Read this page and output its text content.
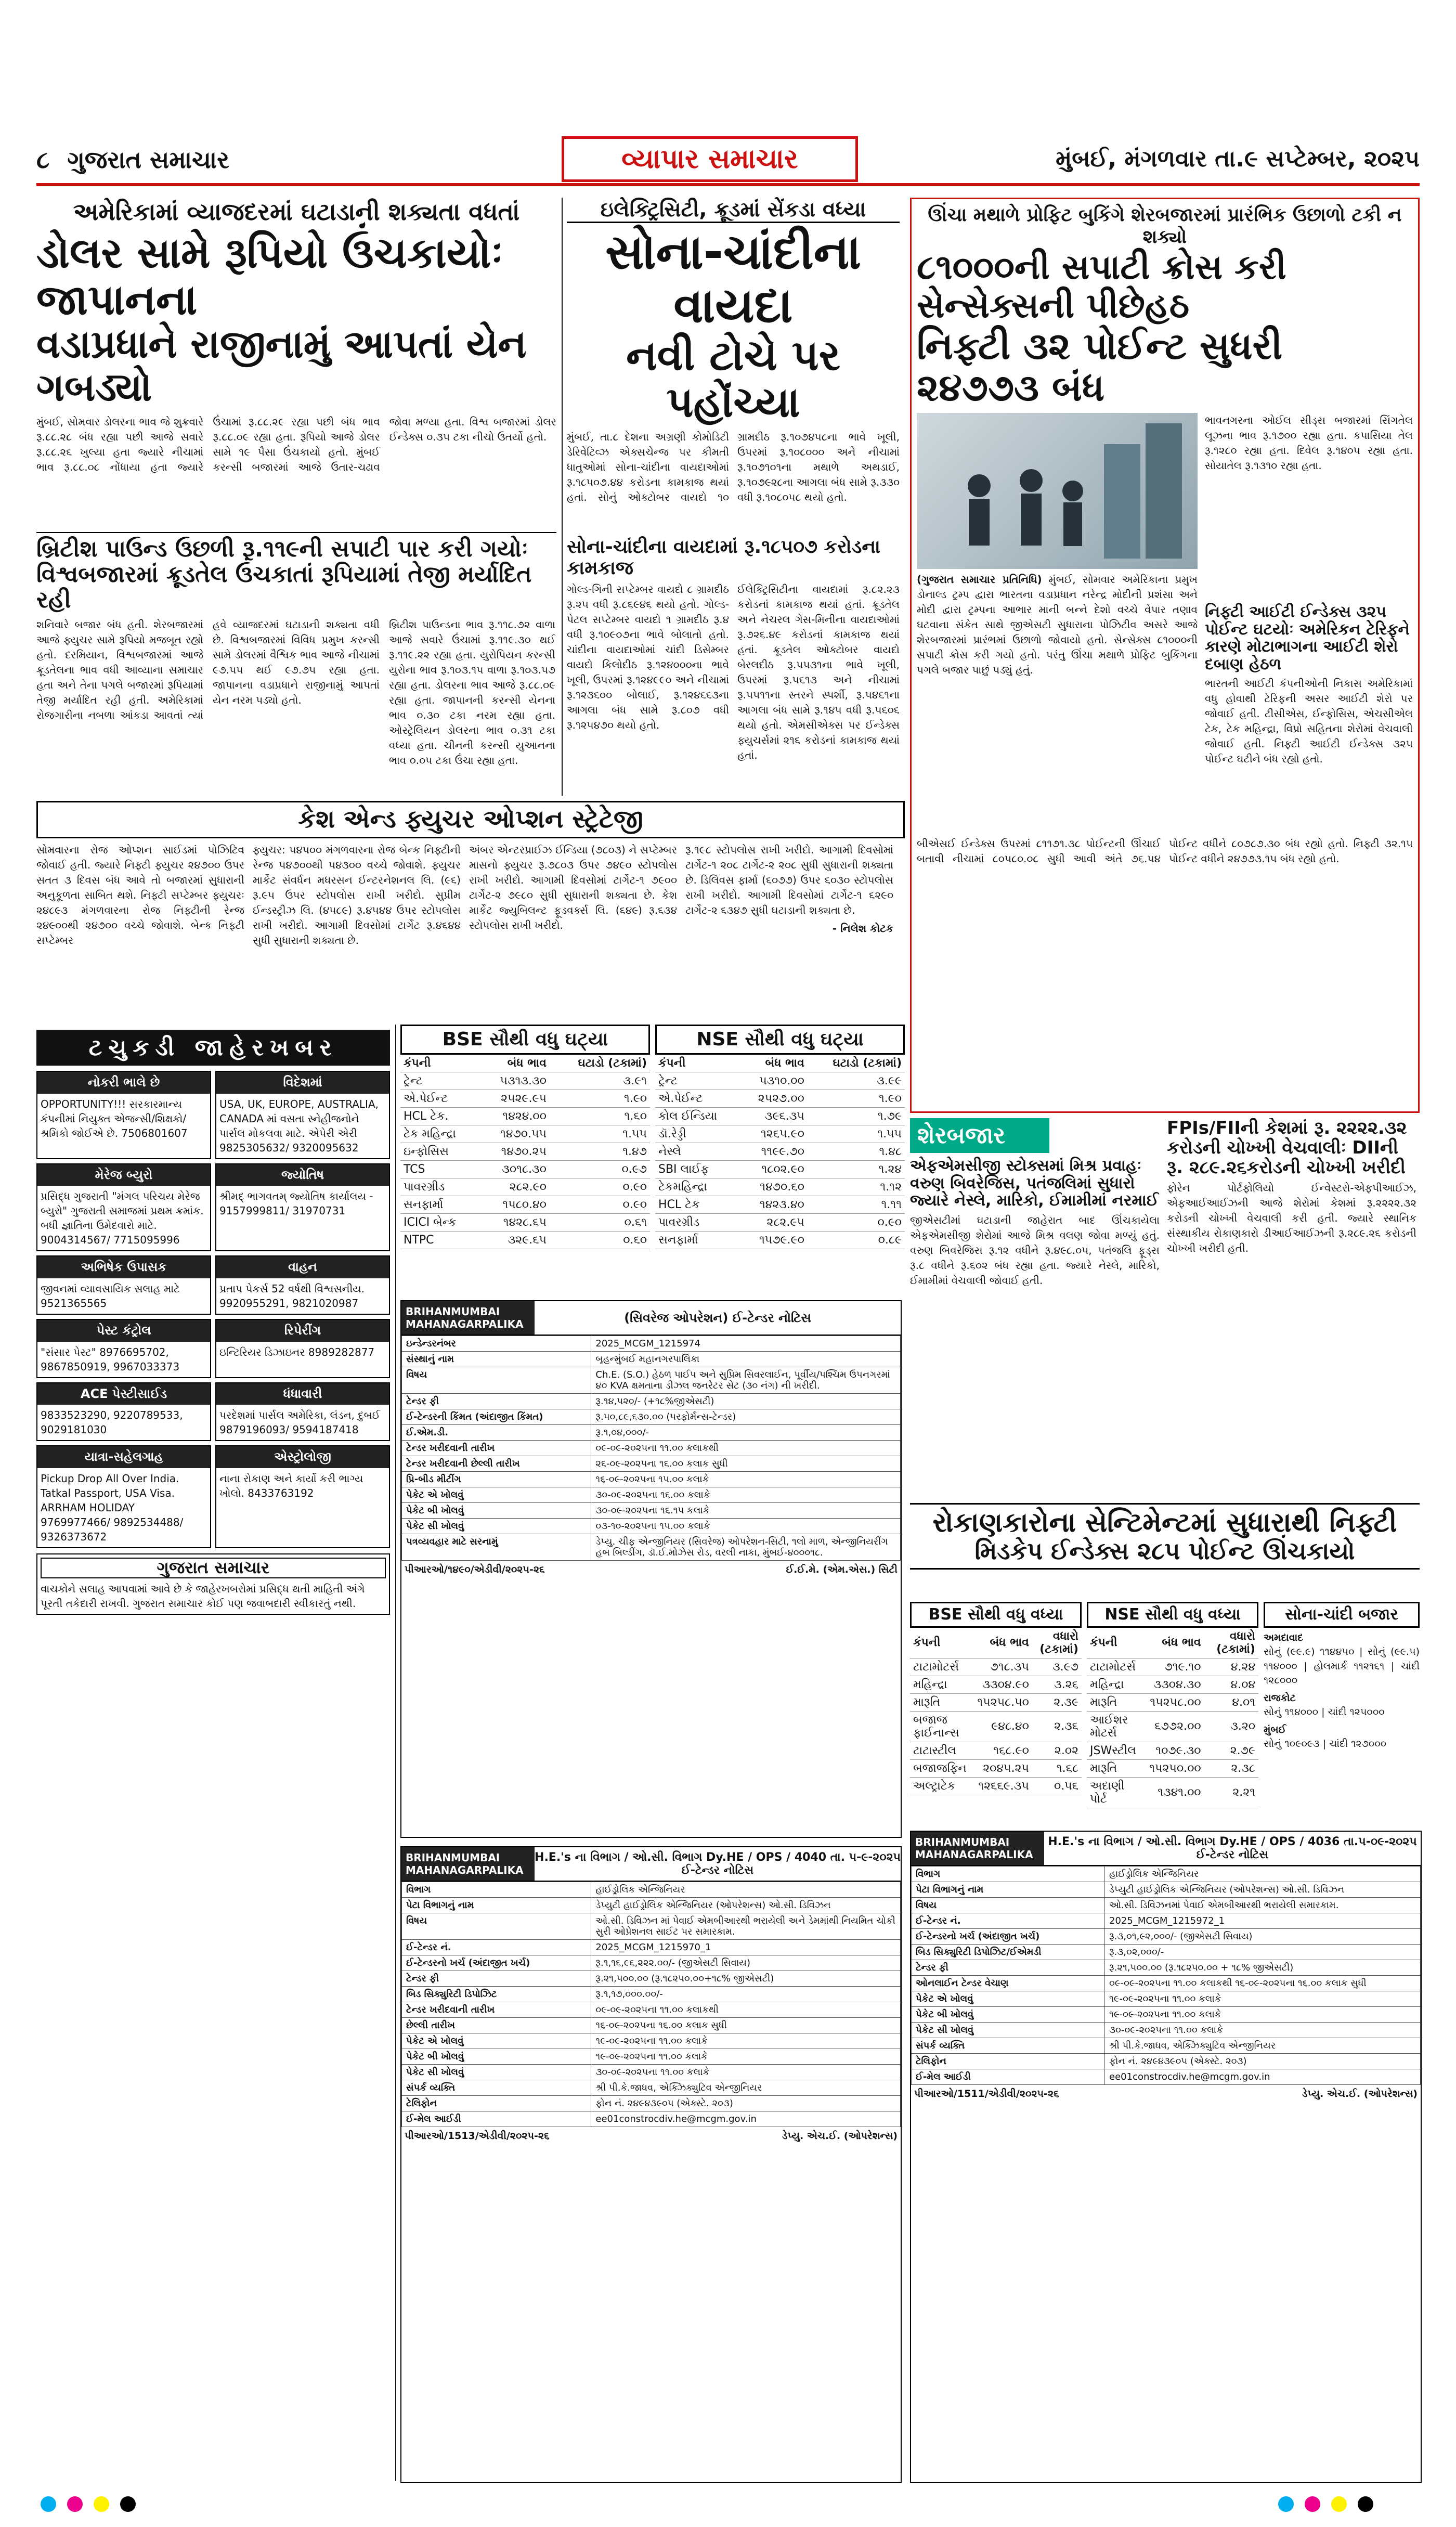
૮ ગુજરાત સમાચાર	વ્યાપાર સમાચાર	મુંબઈ, મંગળવાર તા.૯ સપ્ટેમ્બર, ૨૦૨૫
અમેરિકામાં વ્યાજદરમાં ઘટાડાની શક્યતા વધતાં
ડોલર સામે રૂપિયો ઉંચકાયોઃ જાપાનના
વડાપ્રધાને રાજીનામું આપતાં યેન ગબડ્યો
મુંબઈ, સોમવાર ડોલરના ભાવ જે શુક્રવારે રૂ.૮૮.૨૮ બંધ રહ્યા પછી આજે સવારે રૂ.૮૮.૨૬ ખુલ્યા હતા જ્યારે નીચામાં ભાવ રૂ.૮૮.૦૮ નોંધાયા હતા જ્યારે ઉંચામાં રૂ.૮૮.૨૯ રહ્યા પછી બંધ ભાવ રૂ.૮૮.૦૯ રહ્યા હતા. રૂપિયો આજે ડોલર સામે ૧૯ પૈસા ઉંચકાયો હતો. મુંબઈ કરન્સી બજારમાં આજે ઉતાર-ચઢાવ જોવા મળ્યા હતા. વિશ્વ બજારમાં ડોલર ઈન્ડેક્સ ૦.૩૫ ટકા નીચો ઉતર્યો હતો.
બ્રિટીશ પાઉન્ડ ઉછળી રૂ.૧૧૯ની સપાટી પાર કરી ગયોઃ વિશ્વબજારમાં ક્રૂડતેલ ઉંચકાતાં રૂપિયામાં તેજી મર્યાદિત રહી
શનિવારે બજાર બંધ હતી. શેરબજારમાં આજે ફ્યુચર સામે રૂપિયો મજબૂત રહ્યો હતો. દરમિયાન, વિશ્વબજારમાં આજે ક્રૂડતેલના ભાવ વધી આવ્યાના સમાચાર હતા અને તેના પગલે બજારમાં રૂપિયામાં તેજી મર્યાદિત રહી હતી. અમેરિકામાં રોજગારીના નબળા આંકડા આવતાં ત્યાં હવે વ્યાજદરમાં ઘટાડાની શક્યતા વધી છે. વિશ્વબજારમાં વિવિધ પ્રમુખ કરન્સી સામે ડોલરમાં વૈશ્વિક ભાવ આજે નીચામાં ૯૭.૫૫ થઈ ૯૭.૭૫ રહ્યા હતા. જાપાનના વડાપ્રધાને રાજીનામું આપતાં યેન નરમ પડ્યો હતો.
બ્રિટીશ પાઉન્ડના ભાવ રૂ.૧૧૮.૭૨ વાળા આજે સવારે ઉંચામાં રૂ.૧૧૯.૩૦ થઈ રૂ.૧૧૯.૨૨ રહ્યા હતા. યુરોપિયન કરન્સી યુરોના ભાવ રૂ.૧૦૩.૧૫ વાળા રૂ.૧૦૩.૫૭ રહ્યા હતા. ડોલરના ભાવ આજે રૂ.૮૮.૦૯ રહ્યા હતા. જાપાનની કરન્સી યેનના ભાવ ૦.૩૦ ટકા નરમ રહ્યા હતા. ઓસ્ટ્રેલિયન ડોલરના ભાવ ૦.૩૧ ટકા વધ્યા હતા. ચીનની કરન્સી યુઆનના ભાવ ૦.૦૫ ટકા ઉંચા રહ્યા હતા.
ઇલેક્ટ્રિસિટી, ક્રૂડમાં સેંકડા વધ્યા
સોના-ચાંદીના વાયદા
નવી ટોચે પર પહોંચ્યા
મુંબઈ, તા.૮ દેશના અગ્રણી કોમોડિટી ડેરિવેટિવ્ઝ એક્સચેન્જ પર કીમતી ધાતુઓમાં સોના-ચાંદીના વાયદાઓમાં રૂ.૧૮૫૦૭.૪૪ કરોડના કામકાજ થયાં હતાં. સોનું ઓક્ટોબર વાયદો ૧૦ ગ્રામદીઠ રૂ.૧૦૭૪૫૮ના ભાવે ખૂલી, ઉપરમાં રૂ.૧૦૮૦૦૦ અને નીચામાં રૂ.૧૦૭૧૦૧ના મથાળે અથડાઈ, રૂ.૧૦૭૯૨૮ના આગલા બંધ સામે રૂ.૩૩૦ વધી રૂ.૧૦૮૦૫૮ થયો હતો.
સોના-ચાંદીના વાયદામાં રૂ.૧૮૫૦૭ કરોડના કામકાજ

ગોલ્ડ-ગિની સપ્ટેમ્બર વાયદો ૮ ગ્રામદીઠ રૂ.૨૫ વધી રૂ.૮૬૯૪૬ થયો હતો. ગોલ્ડ-પેટલ સપ્ટેમ્બર વાયદો ૧ ગ્રામદીઠ રૂ.૪ વધી રૂ.૧૦૯૦૭ના ભાવે બોલાતો હતો. ચાંદીના વાયદાઓમાં ચાંદી ડિસેમ્બર વાયદો કિલોદીઠ રૂ.૧૨૪૦૦૦ના ભાવે ખૂલી, ઉપરમાં રૂ.૧૨૪૯૯૦ અને નીચામાં રૂ.૧૨૩૬૦૦ બોલાઈ, રૂ.૧૨૪૬૬૩ના આગલા બંધ સામે રૂ.૮૦૭ વધી રૂ.૧૨૫૪૭૦ થયો હતો.

ઈલેક્ટ્રિસિટીના વાયદામાં રૂ.૮૨.૨૩ કરોડનાં કામકાજ થયાં હતાં. ક્રૂડતેલ અને નેચરલ ગેસ-મિનીના વાયદાઓમાં રૂ.૭૨૬.૪૯ કરોડનાં કામકાજ થયાં હતાં. ક્રૂડતેલ ઓક્ટોબર વાયદો બેરલદીઠ રૂ.૫૫૩૧ના ભાવે ખૂલી, ઉપરમાં રૂ.૫૬૧૩ અને નીચામાં રૂ.૫૫૧૧ના સ્તરને સ્પર્શી, રૂ.૫૪૬૧ના આગલા બંધ સામે રૂ.૧૪૫ વધી રૂ.૫૬૦૬ થયો હતો. એમસીએક્સ પર ઈન્ડેક્સ ફ્યુચર્સમાં ૨૧૬ કરોડનાં કામકાજ થયાં હતાં.

કેશ એન્ડ ફ્યુચર ઓપ્શન સ્ટ્રેટેજી
સોમવારના રોજ ઓપ્શન સાઈડમાં પોઝિટિવ જોવાઈ હતી. જ્યારે નિફ્ટી ફ્યુચર ૨૪૭૦૦ ઉપર સતત ૩ દિવસ બંધ આવે તો બજારમાં સુધારાની અનુકૂળતા સાબિત થશે. નિફ્ટી સપ્ટેમ્બર ફ્યુચરઃ ૨૪૮૯૩ મંગળવારના રોજ નિફ્ટીની રેન્જ ૨૪૯૦૦થી ૨૪૭૦૦ વચ્ચે જોવાશે. બેન્ક નિફ્ટી સપ્ટેમ્બર
ફ્યુચર: ૫૪૫૦૦ મંગળવારના રોજ બેન્ક નિફ્ટીની રેન્જ ૫૪૭૦૦થી ૫૪૩૦૦ વચ્ચે જોવાશે. ફ્યુચર માર્કેટ સંવર્ધન મધરસન ઈન્ટરનેશનલ લિ. (૯૬) રૂ.૯૫ ઉપર સ્ટોપલોસ રાખી ખરીદો. સુપ્રીમ ઈન્ડસ્ટ્રીઝ લિ. (૪૫૮૯) રૂ.૪૫૪૪ ઉપર સ્ટોપલોસ રાખી ખરીદો. આગામી દિવસોમાં ટાર્ગેટ રૂ.૪૬૪૪ સુધી સુધારાની શક્યતા છે.
અંબર એન્ટરપ્રાઈઝ ઈન્ડિયા (૭૮૦૩) ને સપ્ટેમ્બર માસનો ફ્યુચર રૂ.૭૮૦૩ ઉપર ૭૪૯૦ સ્ટોપલોસ રાખી ખરીદો. આગામી દિવસોમાં ટાર્ગેટ-૧ ૭૯૦૦ ટાર્ગેટ-૨ ૭૯૮૦ સુધી સુધારાની શક્યતા છે. કેશ માર્કેટ જ્યુબિલન્ટ ફૂડવર્ક્સ લિ. (૬૪૯) રૂ.૬૩૪ સ્ટોપલોસ રાખી ખરીદો.
રૂ.૧૯૮ સ્ટોપલોસ રાખી ખરીદો. આગામી દિવસોમાં ટાર્ગેટ-૧ ૨૦૮ ટાર્ગેટ-૨ ૨૦૮ સુધી સુધારાની શક્યતા છે. ડિલિવસ ફાર્મા (૬૦૭૭) ઉપર ૬૦૩૦ સ્ટોપલોસ રાખી ખરીદો. આગામી દિવસોમાં ટાર્ગેટ-૧ ૬૨૯૦ ટાર્ગેટ-૨ ૬૩૪૭ સુધી ઘટાડાની શક્યતા છે.
- નિલેશ કોટક
BSE સૌથી વધુ ઘટ્યા
કંપની	બંધ ભાવ	ઘટાડો (ટકામાં)
ટ્રેન્ટ	૫૩૧૩.૩૦	૩.૯૧
એ.પેઈન્ટ	૨૫૨૯.૯૫	૧.૯૦
HCL ટેક.	૧૪૨૪.૦૦	૧.૬૦
ટેક મહિન્દ્રા	૧૪૭૦.૫૫	૧.૫૫
ઇન્ફોસિસ	૧૪૭૦.૨૫	૧.૪૭
TCS	૩૦૧૮.૩૦	૦.૯૭
પાવરગ્રીડ	૨૮૨.૯૦	૦.૯૦
સનફાર્મા	૧૫૮૦.૪૦	૦.૯૦
ICICI બેન્ક	૧૪૨૮.૬૫	૦.૬૧
NTPC	૩૨૯.૬૫	૦.૬૦
NSE સૌથી વધુ ઘટ્યા
કંપની	બંધ ભાવ	ઘટાડો (ટકામાં)
ટ્રેન્ટ	૫૩૧૦.૦૦	૩.૯૯
એ.પેઈન્ટ	૨૫૨૭.૦૦	૧.૯૦
કોલ ઈન્ડિયા	૩૯૬.૩૫	૧.૭૯
ડૉ.રેડ્ડી	૧૨૬૫.૯૦	૧.૫૫
નેસ્લે	૧૧૯૯.૭૦	૧.૪૮
SBI લાઈફ	૧૮૦૨.૯૦	૧.૨૪
ટેકમહિન્દ્રા	૧૪૭૦.૬૦	૧.૧૨
HCL ટેક	૧૪૨૩.૪૦	૧.૧૧
પાવરગ્રીડ	૨૮૨.૯૫	૦.૯૦
સનફાર્મા	૧૫૭૯.૯૦	૦.૮૯
ટચુકડી જાહેરખબર
નોકરી ભાલે છે
OPPORTUNITY!!! સરકારમાન્ય કંપનીમાં નિયુક્ત એજન્સી/શિક્ષકો/શ્રમિકો જોઈએ છે. 7506801607
વિદેશમાં
USA, UK, EUROPE, AUSTRALIA, CANADA માં વસતા સ્નેહીજનોને પાર્સલ મોકલવા માટે. એપેરી એરી 9825305632/ 9320095632
મેરેજ બ્યુરો
પ્રસિદ્ધ ગુજરાતી "મંગલ પરિચય મેરેજ બ્યુરો" ગુજરાતી સમાજમાં પ્રથમ ક્રમાંક. બધી જ્ઞાતિના ઉમેદવારો માટે. 9004314567/ 7715095996
જ્યોતિષ
શ્રીમદ્ ભાગવતમ્ જ્યોતિષ કાર્યાલય - 9157999811/ 31970731
અભિષેક ઉપાસક
જીવનમાં વ્યાવસાયિક સલાહ માટે 9521365565
વાહન
પ્રતાપ પેકર્સ 52 વર્ષથી વિશ્વસનીય. 9920955291, 9821020987
પેસ્ટ કંટ્રોલ
"સંસાર પેસ્ટ" 8976695702, 9867850919, 9967033373
રિપેરીંગ
ઇન્ટિરિયર ડિઝાઇનર 8989282877
ACE પેસ્ટીસાઈડ
9833523290, 9220789533, 9029181030
ધંધાવારી
પરદેશમાં પાર્સલ અમેરિકા, લંડન, દુબઈ 9879196093/ 9594187418
યાત્રા-સહેલગાહ
Pickup Drop All Over India. Tatkal Passport, USA Visa. ARRHAM HOLIDAY 9769977466/ 9892534488/ 9326373672
એસ્ટ્રોલોજી
નાના રોકાણ અને કાર્યો કરી ભાગ્ય ખોલો. 8433763192
ગુજરાત સમાચાર
વાચકોને સલાહ આપવામાં આવે છે કે જાહેરખબરોમાં પ્રસિદ્ધ થતી માહિતી અંગે પૂરતી તકેદારી રાખવી. ગુજરાત સમાચાર કોઈ પણ જવાબદારી સ્વીકારતું નથી.
BRIHANMUMBAI MAHANAGARPALIKA	(સિવરેજ ઓપરેશન) ઈ-ટેન્ડર નોટિસ
ઇન્ડેન્ડરનંબર	2025_MCGM_1215974
સંસ્થાનું નામ	બૃહન્મુંબઈ મહાનગરપાલિકા
વિષય	Ch.E. (S.O.) હેઠળ પાઈપ અને સુપ્રિમ સિવરલાઈન, પૂર્વીય/પશ્ચિમ ઉપનગરમાં ૪૦ KVA ક્ષમતાના ડીઝલ જનરેટર સેટ (૩૦ નંગ) ની ખરીદી.
ટેન્ડર ફી	રૂ.૧૪,૫૨૦/- (+૧૮%જીએસટી)
ઈ-ટેન્ડરની કિંમત (અંદાજીત કિંમત)	રૂ.૫૦,૮૯,૬૩૦.૦૦ (પરફોર્મન્સ-ટેન્ડર)
ઈ.એમ.ડી.	રૂ.૧,૦૪,૦૦૦/-
ટેન્ડર ખરીદવાની તારીખ	૦૯-૦૯-૨૦૨૫ના ૧૧.૦૦ કલાકથી
ટેન્ડર ખરીદવાની છેલ્લી તારીખ	૨૬-૦૯-૨૦૨૫ના ૧૬.૦૦ કલાક સુધી
પ્રિ-બીડ મીટીંગ	૧૬-૦૯-૨૦૨૫ના ૧૫.૦૦ કલાકે
પેકેટ એ ખોલવું	૩૦-૦૯-૨૦૨૫ના ૧૬.૦૦ કલાકે
પેકેટ બી ખોલવું	૩૦-૦૯-૨૦૨૫ના ૧૬.૧૫ કલાકે
પેકેટ સી ખોલવું	૦૩-૧૦-૨૦૨૫ના ૧૫.૦૦ કલાકે
પત્રવ્યવહાર માટે સરનામું	ડેપ્યુ. ચીફ એન્જીનિયર (સિવરેજ) ઓપરેશન-સિટી, ૧લો માળ, એન્જીનિયરીંગ હબ બિલ્ડીંગ, ડૉ.ઈ.મોઝેસ રોડ, વરલી નાકા, મુંબઈ-૪૦૦૦૧૮.
પીઆરઓ/૧૪૯૦/એડીવી/૨૦૨૫-૨૬	ઈ.ઈ.મે. (એમ.એસ.) સિટી
BRIHANMUMBAI MAHANAGARPALIKA
H.E.'s ના વિભાગ / ઓ.સી. વિભાગ Dy.HE / OPS / 4040 તા. ૫-૯-૨૦૨૫ ઈ-ટેન્ડર નોટિસ
વિભાગ	હાઈડ્રોલિક એન્જિનિયર
પેટા વિભાગનું નામ	ડેપ્યુટી હાઈડ્રોલિક એન્જિનિયર (ઓપરેશન્સ) ઓ.સી. ડિવિઝન
વિષય	ઓ.સી. ડિવિઝન માં પેવાઈ એમબીઆરથી ભરાયેલી અને ડેમમાંથી નિયમિત ચોકી સુરી ઓપ્રેશનલ સાઈટ પર સમારકામ.
ઈ-ટેન્ડર નં.	2025_MCGM_1215970_1
ઈ-ટેન્ડરનો ખર્ચ (અંદાજીત ખર્ચ)	રૂ.૧,૧૬,૯૬,૨૨૨.૦૦/- (જીએસટી સિવાય)
ટેન્ડર ફી	રૂ.૨૧,૫૦૦.૦૦ (રૂ.૧૮૨૫૦.૦૦+૧૮% જીએસટી)
બિડ સિક્યુરિટી ડિપોઝિટ	રૂ.૧,૧૭,૦૦૦.૦૦/-
ટેન્ડર ખરીદવાની તારીખ	૦૯-૦૯-૨૦૨૫ના ૧૧.૦૦ કલાકથી
છેલ્લી તારીખ	૧૬-૦૯-૨૦૨૫ના ૧૬.૦૦ કલાક સુધી
પેકેટ એ ખોલવું	૧૯-૦૯-૨૦૨૫ના ૧૧.૦૦ કલાકે
પેકેટ બી ખોલવું	૧૯-૦૯-૨૦૨૫ના ૧૧.૦૦ કલાકે
પેકેટ સી ખોલવું	૩૦-૦૯-૨૦૨૫ના ૧૧.૦૦ કલાકે
સંપર્ક વ્યક્તિ	શ્રી પી.કે.જાધવ, એક્ઝિક્યુટિવ એન્જીનિયર
ટેલિફોન	ફોન નં. ૨૪૯૪૩૯૦૫ (એક્સ્ટે. ૨૦૩)
ઈ-મેલ આઈડી	ee01constrocdiv.he@mcgm.gov.in
પીઆરઓ/1513/એડીવી/૨૦૨૫-૨૬	ડેપ્યુ. એચ.ઈ. (ઓપરેશન્સ)
ઊંચા મથાળે પ્રોફિટ બુકિંગે શેરબજારમાં પ્રારંભિક ઉછાળો ટકી ન શક્યો
૮૧૦૦૦ની સપાટી ક્રોસ કરી સેન્સેક્સની પીછેહઠ
નિફ્ટી ૩૨ પોઈન્ટ સુધરી ૨૪૭૭૩ બંધ
(ગુજરાત સમાચાર પ્રતિનિધિ) મુંબઈ, સોમવાર અમેરિકાના પ્રમુખ ડોનાલ્ડ ટ્રમ્પ દ્વારા ભારતના વડાપ્રધાન નરેન્દ્ર મોદીની પ્રશંસા અને મોદી દ્વારા ટ્રમ્પના આભાર માની બન્ને દેશો વચ્ચે વેપાર તણાવ ઘટવાના સંકેત સાથે જીએસટી સુધારાના પોઝિટીવ અસરે આજે શેરબજારમાં પ્રારંભમાં ઉછાળો જોવાયો હતો. સેન્સેક્સ ૮૧૦૦૦ની સપાટી ક્રોસ કરી ગયો હતો. પરંતુ ઊંચા મથાળે પ્રોફિટ બુકિંગના પગલે બજાર પાછું પડ્યું હતું.
ભાવનગરના ઓઈલ સીડ્સ બજારમાં સિંગતેલ લૂઝના ભાવ રૂ.૧૭૦૦ રહ્યા હતા. કપાસિયા તેલ રૂ.૧૨૮૦ રહ્યા હતા. દિવેલ રૂ.૧૪૦૫ રહ્યા હતા. સોયાતેલ રૂ.૧૩૧૦ રહ્યા હતા.
નિફ્ટી આઈટી ઈન્ડેક્સ ૩૨૫ પોઈન્ટ ઘટયોઃ અમેરિકન ટેરિફને કારણે મોટાભાગના આઈટી શેરો દબાણ હેઠળ
ભારતની આઈટી કંપનીઓની નિકાસ અમેરિકામાં વધુ હોવાથી ટેરિફની અસર આઈટી શેરો પર જોવાઈ હતી. ટીસીએસ, ઈન્ફોસિસ, એચસીએલ ટેક, ટેક મહિન્દ્રા, વિપ્રો સહિતના શેરોમાં વેચવાલી જોવાઈ હતી. નિફ્ટી આઈટી ઈન્ડેક્સ ૩૨૫ પોઈન્ટ ઘટીને બંધ રહ્યો હતો.
બીએસઈ ઈન્ડેક્સ ઉપરમાં ૮૧૧૭૧.૩૮ પોઈન્ટની ઊંચાઈ બતાવી નીચામાં ૮૦૫૮૦.૦૮ સુધી આવી અંતે ૭૬.૫૪ પોઈન્ટ વધીને ૮૦૭૮૭.૩૦ બંધ રહ્યો હતો. નિફ્ટી ૩૨.૧૫ પોઈન્ટ વધીને ૨૪૭૭૩.૧૫ બંધ રહ્યો હતો.
શેરબજાર
એફએમસીજી સ્ટોક્સમાં મિશ્ર પ્રવાહઃ વરુણ બિવરેજિસ, પતંજલિમાં સુધારો જ્યારે નેસ્લે, મારિકો, ઈમામીમાં નરમાઈ
જીએસટીમાં ઘટાડાની જાહેરાત બાદ ઊંચકાયેલા એફએમસીજી શેરોમાં આજે મિશ્ર વલણ જોવા મળ્યું હતું. વરુણ બિવરેજિસ રૂ.૧૨ વધીને રૂ.૪૯૮.૦૫, પતંજલિ ફૂડ્સ રૂ.૮ વધીને રૂ.૬૦૨ બંધ રહ્યા હતા. જ્યારે નેસ્લે, મારિકો, ઈમામીમાં વેચવાલી જોવાઈ હતી.
FPIs/FIIની કેશમાં રૂ. ૨૨૨૨.૩૨ કરોડની ચોખ્ખી વેચવાલીઃ DIIની રૂ. ૨૮૯.૨૬કરોડની ચોખ્ખી ખરીદી
ફોરેન પોર્ટફોલિયો ઈન્વેસ્ટરો-એફપીઆઈઝ, એફઆઈઆઈઝની આજે શેરોમાં કેશમાં રૂ.૨૨૨૨.૩૨ કરોડની ચોખ્ખી વેચવાલી કરી હતી. જ્યારે સ્થાનિક સંસ્થાકીય રોકાણકારો ડીઆઈઆઈઝની રૂ.૨૮૯.૨૬ કરોડની ચોખ્ખી ખરીદી હતી.
રોકાણકારોના સેન્ટિમેન્ટમાં સુધારાથી નિફ્ટી
મિડકેપ ઈન્ડેક્સ ૨૮૫ પોઈન્ટ ઊંચકાયો
BSE સૌથી વધુ વધ્યા
કંપની	બંધ ભાવ	વધારો (ટકામાં)
ટાટામોટર્સ	૭૧૮.૩૫	૩.૯૭
મહિન્દ્રા	૩૩૦૪.૯૦	૩.૨૬
મારૂતિ	૧૫૨૫૮.૫૦	૨.૩૯
બજાજ ફાઈનાન્સ	૯૪૮.૪૦	૨.૩૬
ટાટાસ્ટીલ	૧૬૮.૯૦	૨.૦૨
બજાજફિન	૨૦૪૫.૨૫	૧.૬૮
અલ્ટ્રાટેક	૧૨૬૬૯.૩૫	૦.૫૬
NSE સૌથી વધુ વધ્યા
કંપની	બંધ ભાવ	વધારો (ટકામાં)
ટાટામોટર્સ	૭૧૯.૧૦	૪.૨૪
મહિન્દ્રા	૩૩૦૪.૩૦	૪.૦૪
મારૂતિ	૧૫૨૫૮.૦૦	૪.૦૧
આઈશર મોટર્સ	૬૭૭૨.૦૦	૩.૨૦
JSWસ્ટીલ	૧૦૭૯.૩૦	૨.૭૯
મારૂતિ	૧૫૨૫૦.૦૦	૨.૩૮
અદાણી પોર્ટ	૧૩૪૧.૦૦	૨.૨૧
સોના-ચાંદી બજાર
અમદાવાદ
સોનું (૯૯.૯) ૧૧૪૪૫૦ | સોનું (૯૯.૫) ૧૧૪૦૦૦ | હોલમાર્ક ૧૧૨૧૬૧ | ચાંદી ૧૨૮૦૦૦
રાજકોટ
સોનું ૧૧૪૦૦૦ | ચાંદી ૧૨૫૦૦૦
મુંબઈ
સોનું ૧૦૯૦૯૩ | ચાંદી ૧૨૭૦૦૦
BRIHANMUMBAI MAHANAGARPALIKA
H.E.'s ના વિભાગ / ઓ.સી. વિભાગ Dy.HE / OPS / 4036 તા.૫-૦૯-૨૦૨૫ ઈ-ટેન્ડર નોટિસ
વિભાગ	હાઈડ્રોલિક એન્જિનિયર
પેટા વિભાગનું નામ	ડેપ્યુટી હાઈડ્રોલિક એન્જિનિયર (ઓપરેશન્સ) ઓ.સી. ડિવિઝન
વિષય	ઓ.સી. ડિવિઝનમાં પેવાઈ એમબીઆરથી ભરાયેલી સમારકામ.
ઈ-ટેન્ડર નં.	2025_MCGM_1215972_1
ઈ-ટેન્ડરનો ખર્ચ (અંદાજીત ખર્ચ)	રૂ.૩,૦૧,૯૨,૦૦૦/- (જીએસટી સિવાય)
બિડ સિક્યુરિટી ડિપોઝિટ/ઈએમડી	રૂ.૩,૦૨,૦૦૦/-
ટેન્ડર ફી	રૂ.૨૧,૫૦૦.૦૦ (રૂ.૧૮૨૫૦.૦૦ + ૧૮% જીએસટી)
ઓનલાઈન ટેન્ડર વેચાણ	૦૯-૦૯-૨૦૨૫ના ૧૧.૦૦ કલાકથી ૧૬-૦૯-૨૦૨૫ના ૧૬.૦૦ કલાક સુધી
પેકેટ એ ખોલવું	૧૯-૦૯-૨૦૨૫ના ૧૧.૦૦ કલાકે
પેકેટ બી ખોલવું	૧૯-૦૯-૨૦૨૫ના ૧૧.૦૦ કલાકે
પેકેટ સી ખોલવું	૩૦-૦૯-૨૦૨૫ના ૧૧.૦૦ કલાકે
સંપર્ક વ્યક્તિ	શ્રી પી.કે.જાધવ, એક્ઝિક્યુટિવ એન્જીનિયર
ટેલિફોન	ફોન નં. ૨૪૯૪૩૯૦૫ (એક્સ્ટે. ૨૦૩)
ઈ-મેલ આઈડી	ee01constrocdiv.he@mcgm.gov.in
પીઆરઓ/1511/એડીવી/૨૦૨૫-૨૬	ડેપ્યુ. એચ.ઈ. (ઓપરેશન્સ)
